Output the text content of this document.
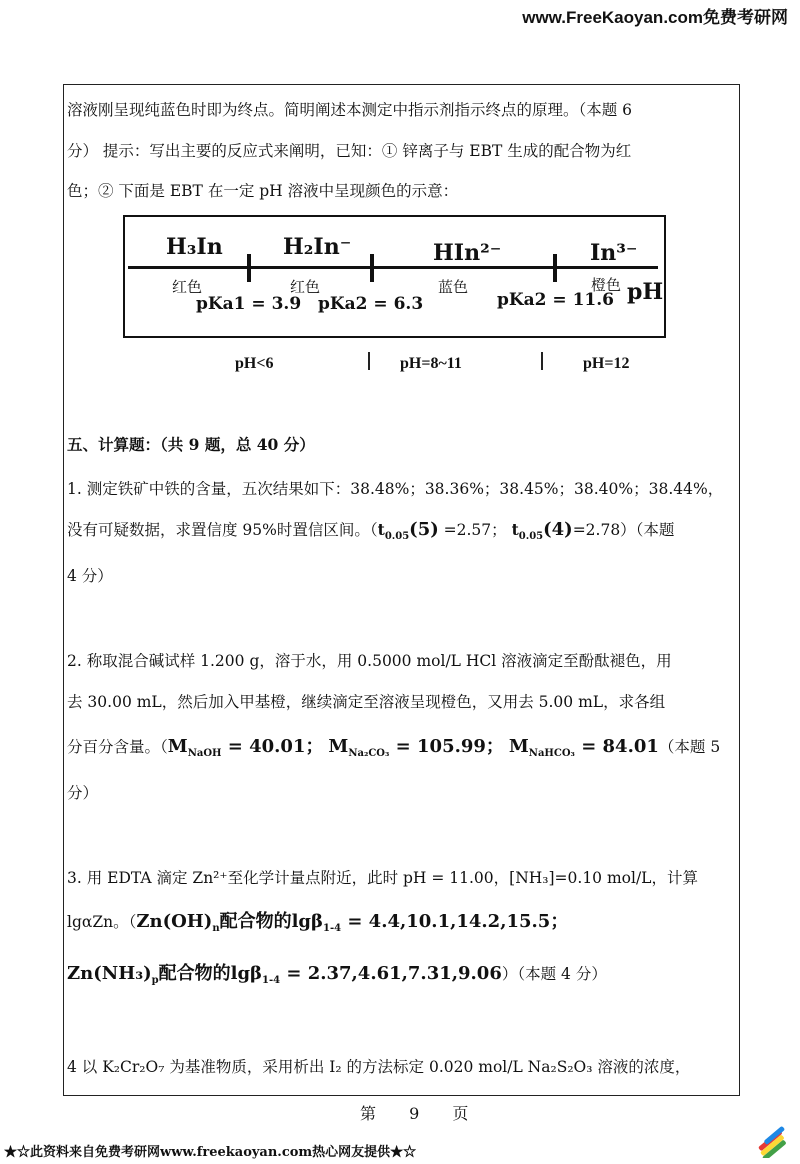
www.FreeKaoyan.com免费考研网
溶液刚呈现纯蓝色时即为终点。简明阐述本测定中指示剂指示终点的原理。（本题 6
分） 提示：写出主要的反应式来阐明，已知：① 锌离子与 EBT 生成的配合物为红
色；② 下面是 EBT 在一定 pH 溶液中呈现颜色的示意：
H₃In	H₂In⁻	HIn²⁻	In³⁻
红色	红色	蓝色	橙色
pKa1 = 3.9 pKa2 = 6.3	pKa2 = 11.6 pH
pH<6	pH=8~11	pH=12
五、计算题：（共 9 题，总 40 分）
1. 测定铁矿中铁的含量，五次结果如下：38.48%；38.36%；38.45%；38.40%；38.44%，
没有可疑数据，求置信度 95%时置信区间。（$t_{0.05}(5) =2.57$； $t_{0.05}(4)=2.78$）（本题
4 分）
2. 称取混合碱试样 1.200 g，溶于水，用 0.5000 mol/L HCl 溶液滴定至酚酞褪色，用
去 30.00 mL，然后加入甲基橙，继续滴定至溶液呈现橙色，又用去 5.00 mL，求各组
分百分含量。（$M_{NaOH} = 40.01$； $M_{Na_2CO_3} = 105.99$； $M_{NaHCO_3} = 84.01$（本题 5
分）
3. 用 EDTA 滴定 Zn²⁺至化学计量点附近，此时 pH = 11.00，[NH₃]=0.10 mol/L，计算
lgαZn。（$Zn(OH)_n$配合物的lgβ$_{1-4}$ = 4.4,10.1,14.2,15.5；
$Zn(NH_3)_p$配合物的lgβ$_{1-4}$ = 2.37,4.61,7.31,9.06）（本题 4 分）
4 以 K₂Cr₂O₇ 为基准物质，采用析出 I₂ 的方法标定 0.020 mol/L Na₂S₂O₃ 溶液的浓度，
第 9 页
★☆此资料来自免费考研网www.freekaoyan.com热心网友提供★☆
